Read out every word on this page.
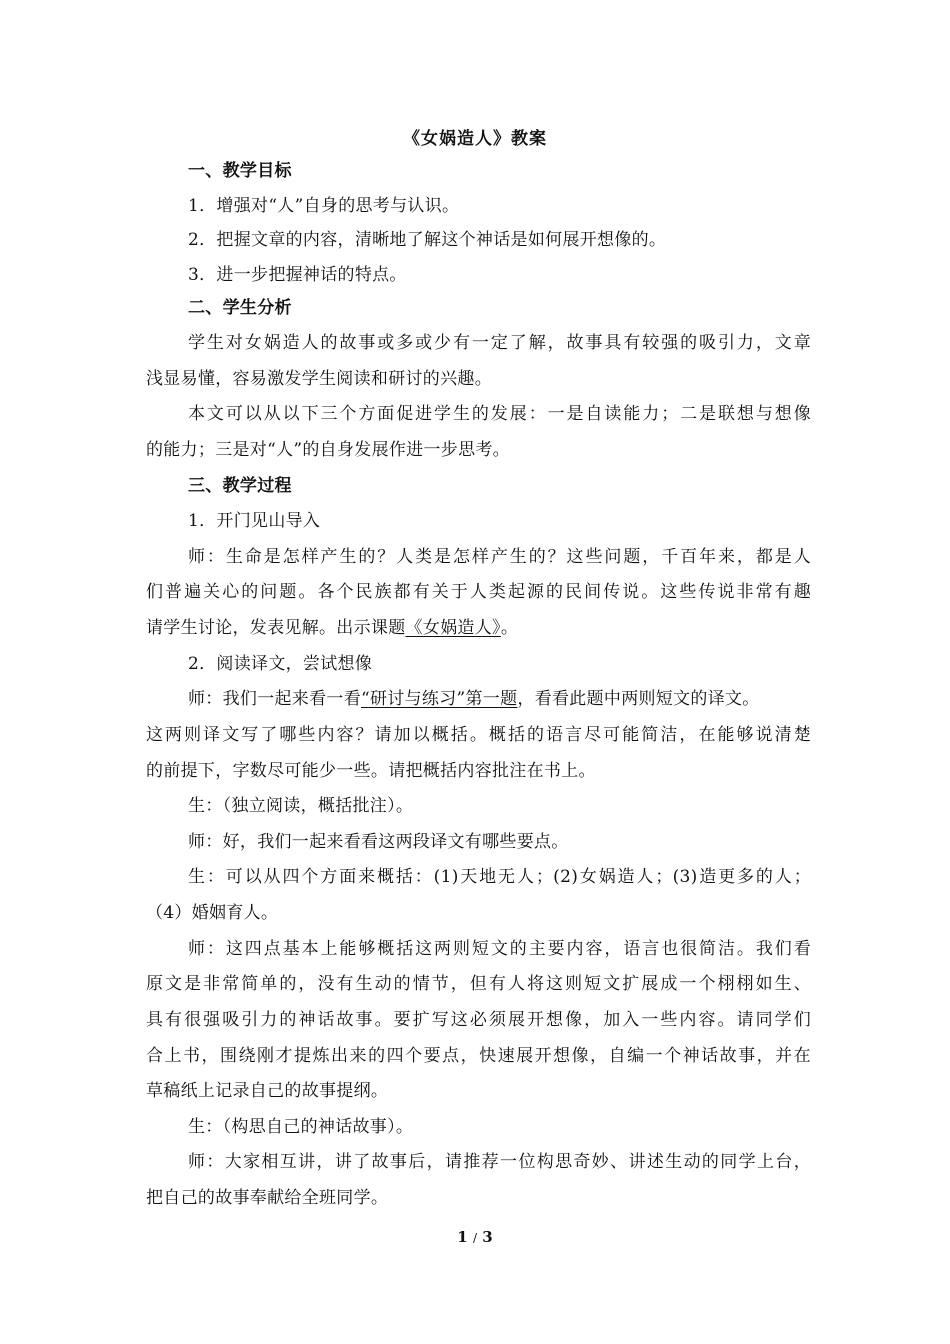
《女娲造人》教案
一、教学目标
1．增强对“人”自身的思考与认识。
2．把握文章的内容，清晰地了解这个神话是如何展开想像的。
3．进一步把握神话的特点。
二、学生分析
学生对女娲造人的故事或多或少有一定了解，故事具有较强的吸引力，文章
浅显易懂，容易激发学生阅读和研讨的兴趣。
本文可以从以下三个方面促进学生的发展：一是自读能力；二是联想与想像
的能力；三是对“人”的自身发展作进一步思考。
三、教学过程
1．开门见山导入
师：生命是怎样产生的？人类是怎样产生的？这些问题，千百年来，都是人
们普遍关心的问题。各个民族都有关于人类起源的民间传说。这些传说非常有趣
请学生讨论，发表见解。出示课题《女娲造人》。
2．阅读译文，尝试想像
师：我们一起来看一看“研讨与练习”第一题，看看此题中两则短文的译文。
这两则译文写了哪些内容？请加以概括。概括的语言尽可能简洁，在能够说清楚
的前提下，字数尽可能少一些。请把概括内容批注在书上。
生：（独立阅读，概括批注）。
师：好，我们一起来看看这两段译文有哪些要点。
生：可以从四个方面来概括：(1)天地无人；(2)女娲造人；(3)造更多的人；
（4）婚姻育人。
师：这四点基本上能够概括这两则短文的主要内容，语言也很简洁。我们看
原文是非常简单的，没有生动的情节，但有人将这则短文扩展成一个栩栩如生、
具有很强吸引力的神话故事。要扩写这必须展开想像，加入一些内容。请同学们
合上书，围绕刚才提炼出来的四个要点，快速展开想像，自编一个神话故事，并在
草稿纸上记录自己的故事提纲。
生：（构思自己的神话故事）。
师：大家相互讲，讲了故事后，请推荐一位构思奇妙、讲述生动的同学上台，
把自己的故事奉献给全班同学。
1 / 3
